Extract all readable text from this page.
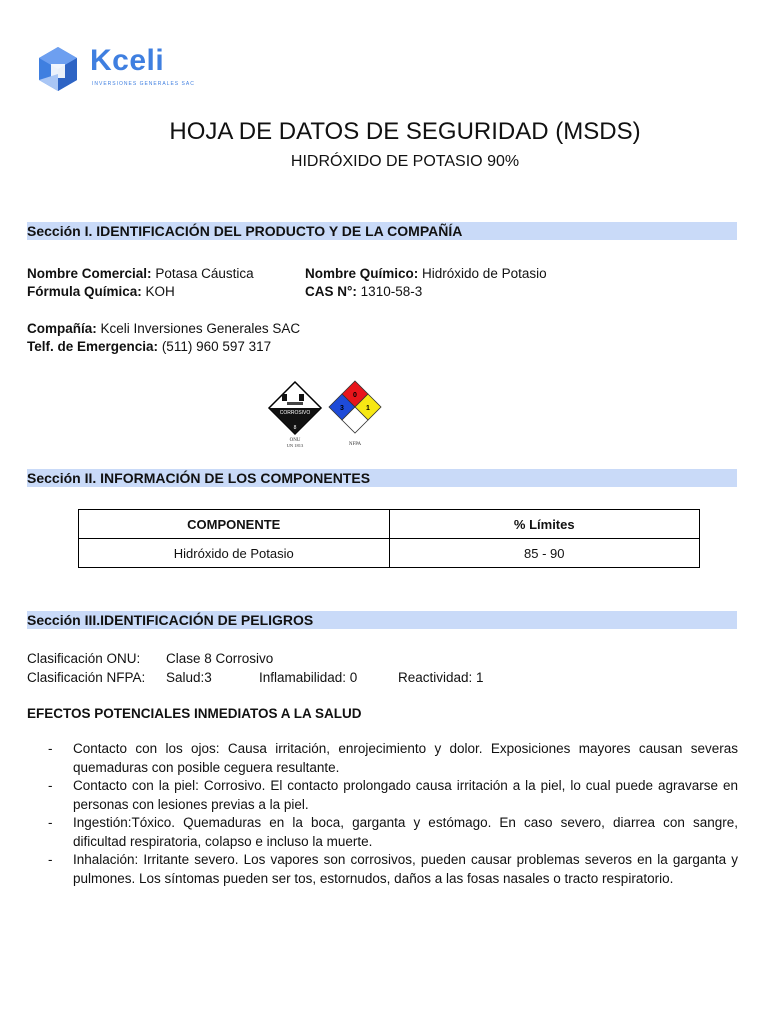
Kceli
INVERSIONES GENERALES SAC
HOJA DE DATOS DE SEGURIDAD (MSDS)
HIDRÓXIDO DE POTASIO 90%
Sección I. IDENTIFICACIÓN DEL PRODUCTO Y DE LA COMPAÑÍA
Nombre Comercial: Potasa Cáustica	Nombre Químico: Hidróxido de Potasio
Fórmula Química: KOH	CAS N°: 1310-58-3
Compañía: Kceli Inversiones Generales SAC
Telf. de Emergencia: (511) 960 597 317
CORROSIVO
8
ONU
UN 1813
0
3	1
NFPA
Sección II. INFORMACIÓN DE LOS COMPONENTES
COMPONENTE	% Límites
Hidróxido de Potasio	85 - 90
Sección III.IDENTIFICACIÓN DE PELIGROS
Clasificación ONU: Clase 8 Corrosivo
Clasificación NFPA: Salud:3	Inflamabilidad: 0	Reactividad: 1
EFECTOS POTENCIALES INMEDIATOS A LA SALUD
- Contacto con los ojos: Causa irritación, enrojecimiento y dolor. Exposiciones mayores causan severas quemaduras con posible ceguera resultante.
- Contacto con la piel: Corrosivo. El contacto prolongado causa irritación a la piel, lo cual puede agravarse en personas con lesiones previas a la piel.
- Ingestión:Tóxico. Quemaduras en la boca, garganta y estómago. En caso severo, diarrea con sangre, dificultad respiratoria, colapso e incluso la muerte.
- Inhalación: Irritante severo. Los vapores son corrosivos, pueden causar problemas severos en la garganta y pulmones. Los síntomas pueden ser tos, estornudos, daños a las fosas nasales o tracto respiratorio.
